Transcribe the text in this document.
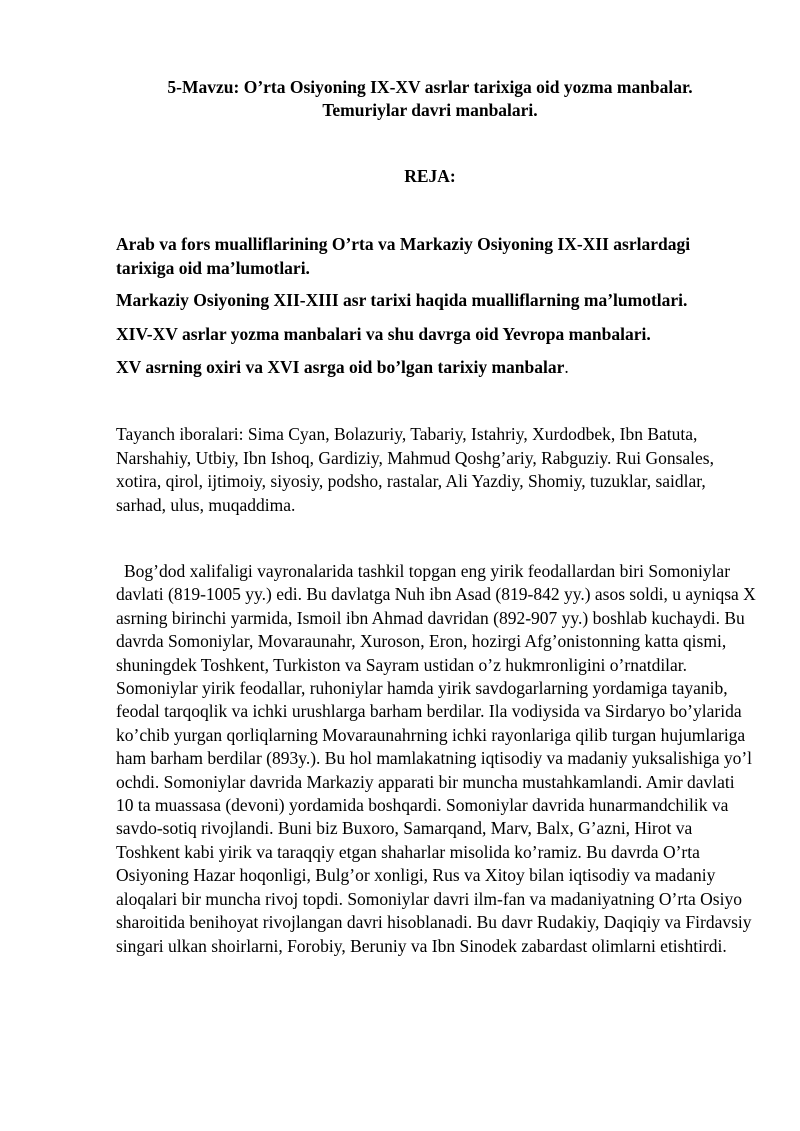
5-Mavzu: O’rta Osiyoning IX-XV asrlar tarixiga oid yozma manbalar.
Temuriylar davri manbalari.
REJA:
Arab va fors mualliflarining O’rta va Markaziy Osiyoning IX-XII asrlardagi tarixiga oid ma’lumotlari.
Markaziy Osiyoning XII-XIII asr tarixi haqida mualliflarning ma’lumotlari.
XIV-XV asrlar yozma manbalari va shu davrga oid Yevropa manbalari.
XV asrning oxiri va XVI asrga oid bo’lgan tarixiy manbalar.

Tayanch iboralari: Sima Cyan, Bolazuriy, Tabariy, Istahriy, Xurdodbek, Ibn Batuta, Narshahiy, Utbiy, Ibn Ishoq, Gardiziy, Mahmud Qoshg’ariy, Rabguziy. Rui Gonsales, xotira, qirol, ijtimoiy, siyosiy, podsho, rastalar, Ali Yazdiy, Shomiy, tuzuklar, saidlar, sarhad, ulus, muqaddima.

Bog’dod xalifaligi vayronalarida tashkil topgan eng yirik feodallardan biri Somoniylar davlati (819-1005 yy.) edi. Bu davlatga Nuh ibn Asad (819-842 yy.) asos soldi, u ayniqsa X asrning birinchi yarmida, Ismoil ibn Ahmad davridan (892-907 yy.) boshlab kuchaydi. Bu davrda Somoniylar, Movaraunahr, Xuroson, Eron, hozirgi Afg’onistonning katta qismi, shuningdek Toshkent, Turkiston va Sayram ustidan o’z hukmronligini o’rnatdilar. Somoniylar yirik feodallar, ruhoniylar hamda yirik savdogarlarning yordamiga tayanib, feodal tarqoqlik va ichki urushlarga barham berdilar. Ila vodiysida va Sirdaryo bo’ylarida ko’chib yurgan qorliqlarning Movaraunahrning ichki rayonlariga qilib turgan hujumlariga ham barham berdilar (893y.). Bu hol mamlakatning iqtisodiy va madaniy yuksalishiga yo’l ochdi. Somoniylar davrida Markaziy apparati bir muncha mustahkamlandi. Amir davlati 10 ta muassasa (devoni) yordamida boshqardi. Somoniylar davrida hunarmandchilik va savdo-sotiq rivojlandi. Buni biz Buxoro, Samarqand, Marv, Balx, G’azni, Hirot va Toshkent kabi yirik va taraqqiy etgan shaharlar misolida ko’ramiz. Bu davrda O’rta Osiyoning Hazar hoqonligi, Bulg’or xonligi, Rus va Xitoy bilan iqtisodiy va madaniy aloqalari bir muncha rivoj topdi. Somoniylar davri ilm-fan va madaniyatning O’rta Osiyo sharoitida benihoyat rivojlangan davri hisoblanadi. Bu davr Rudakiy, Daqiqiy va Firdavsiy singari ulkan shoirlarni, Forobiy, Beruniy va Ibn Sinodek zabardast olimlarni etishtirdi.
